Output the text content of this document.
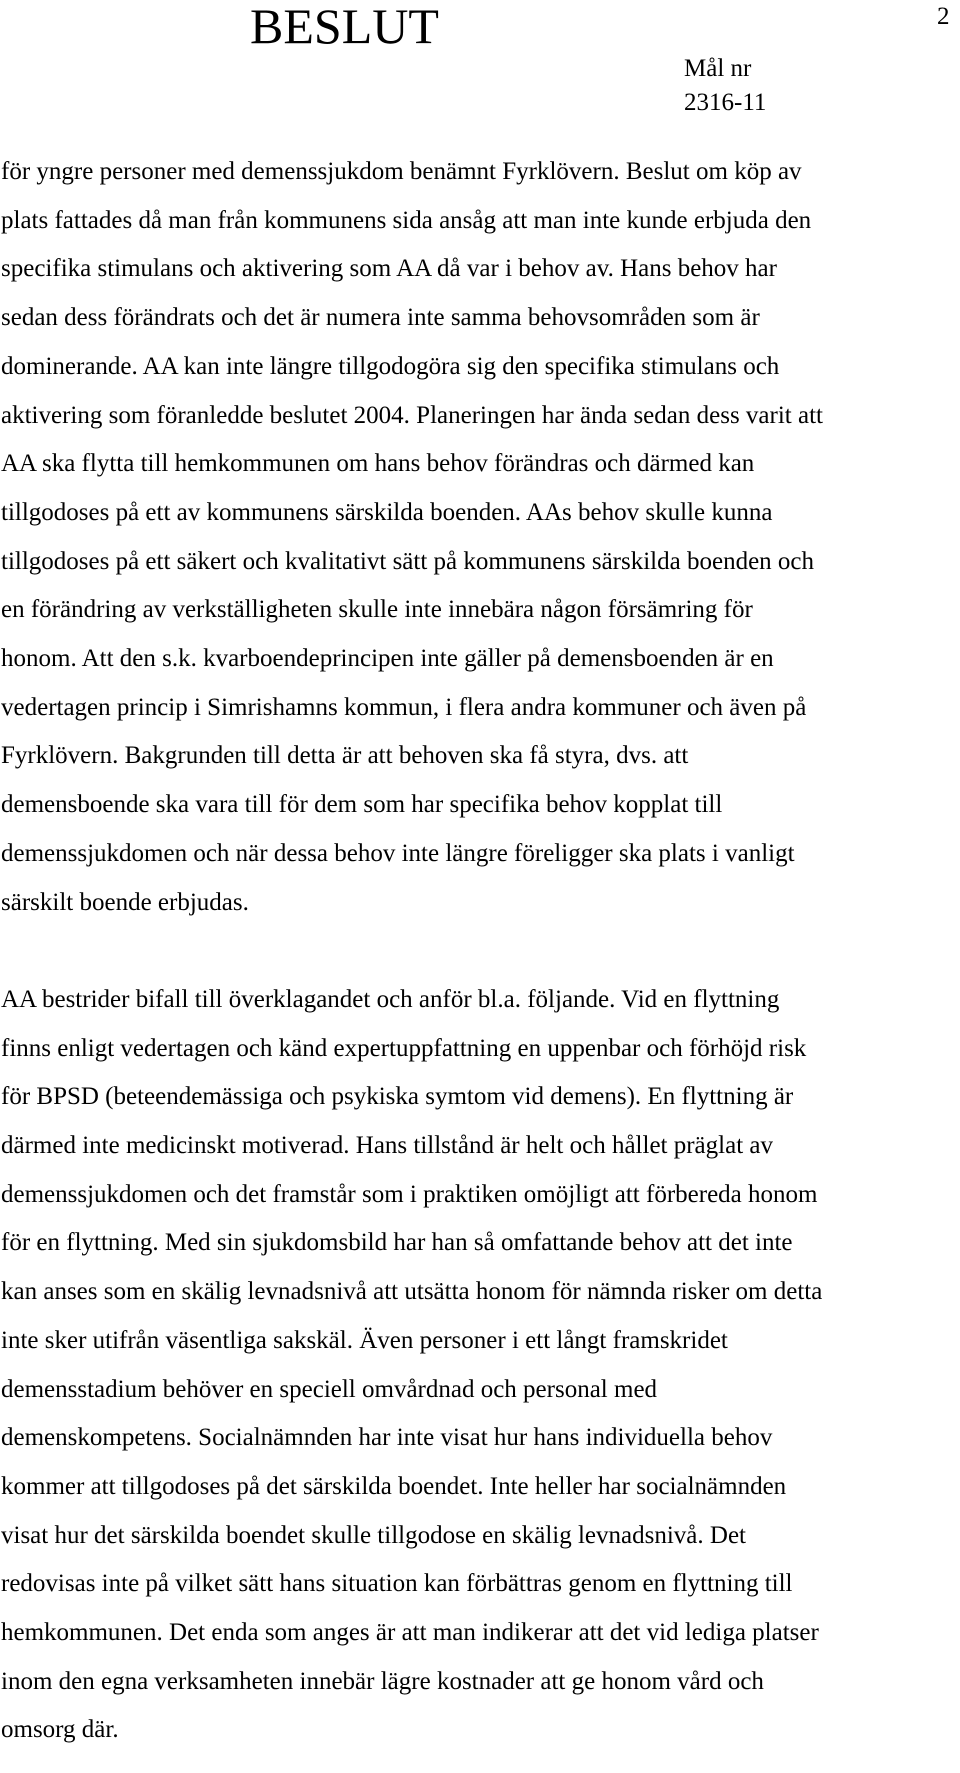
BESLUT	2
Mål nr
2316-11

för yngre personer med demenssjukdom benämnt Fyrklövern. Beslut om köp av
plats fattades då man från kommunens sida ansåg att man inte kunde erbjuda den
specifika stimulans och aktivering som AA då var i behov av. Hans behov har
sedan dess förändrats och det är numera inte samma behovsområden som är
dominerande. AA kan inte längre tillgodogöra sig den specifika stimulans och
aktivering som föranledde beslutet 2004. Planeringen har ända sedan dess varit att
AA ska flytta till hemkommunen om hans behov förändras och därmed kan
tillgodoses på ett av kommunens särskilda boenden. AAs behov skulle kunna
tillgodoses på ett säkert och kvalitativt sätt på kommunens särskilda boenden och
en förändring av verkställigheten skulle inte innebära någon försämring för
honom. Att den s.k. kvarboendeprincipen inte gäller på demensboenden är en
vedertagen princip i Simrishamns kommun, i flera andra kommuner och även på
Fyrklövern. Bakgrunden till detta är att behoven ska få styra, dvs. att
demensboende ska vara till för dem som har specifika behov kopplat till
demenssjukdomen och när dessa behov inte längre föreligger ska plats i vanligt
särskilt boende erbjudas.

AA bestrider bifall till överklagandet och anför bl.a. följande. Vid en flyttning
finns enligt vedertagen och känd expertuppfattning en uppenbar och förhöjd risk
för BPSD (beteendemässiga och psykiska symtom vid demens). En flyttning är
därmed inte medicinskt motiverad. Hans tillstånd är helt och hållet präglat av
demenssjukdomen och det framstår som i praktiken omöjligt att förbereda honom
för en flyttning. Med sin sjukdomsbild har han så omfattande behov att det inte
kan anses som en skälig levnadsnivå att utsätta honom för nämnda risker om detta
inte sker utifrån väsentliga sakskäl. Även personer i ett långt framskridet
demensstadium behöver en speciell omvårdnad och personal med
demenskompetens. Socialnämnden har inte visat hur hans individuella behov
kommer att tillgodoses på det särskilda boendet. Inte heller har socialnämnden
visat hur det särskilda boendet skulle tillgodose en skälig levnadsnivå. Det
redovisas inte på vilket sätt hans situation kan förbättras genom en flyttning till
hemkommunen. Det enda som anges är att man indikerar att det vid lediga platser
inom den egna verksamheten innebär lägre kostnader att ge honom vård och
omsorg där.
